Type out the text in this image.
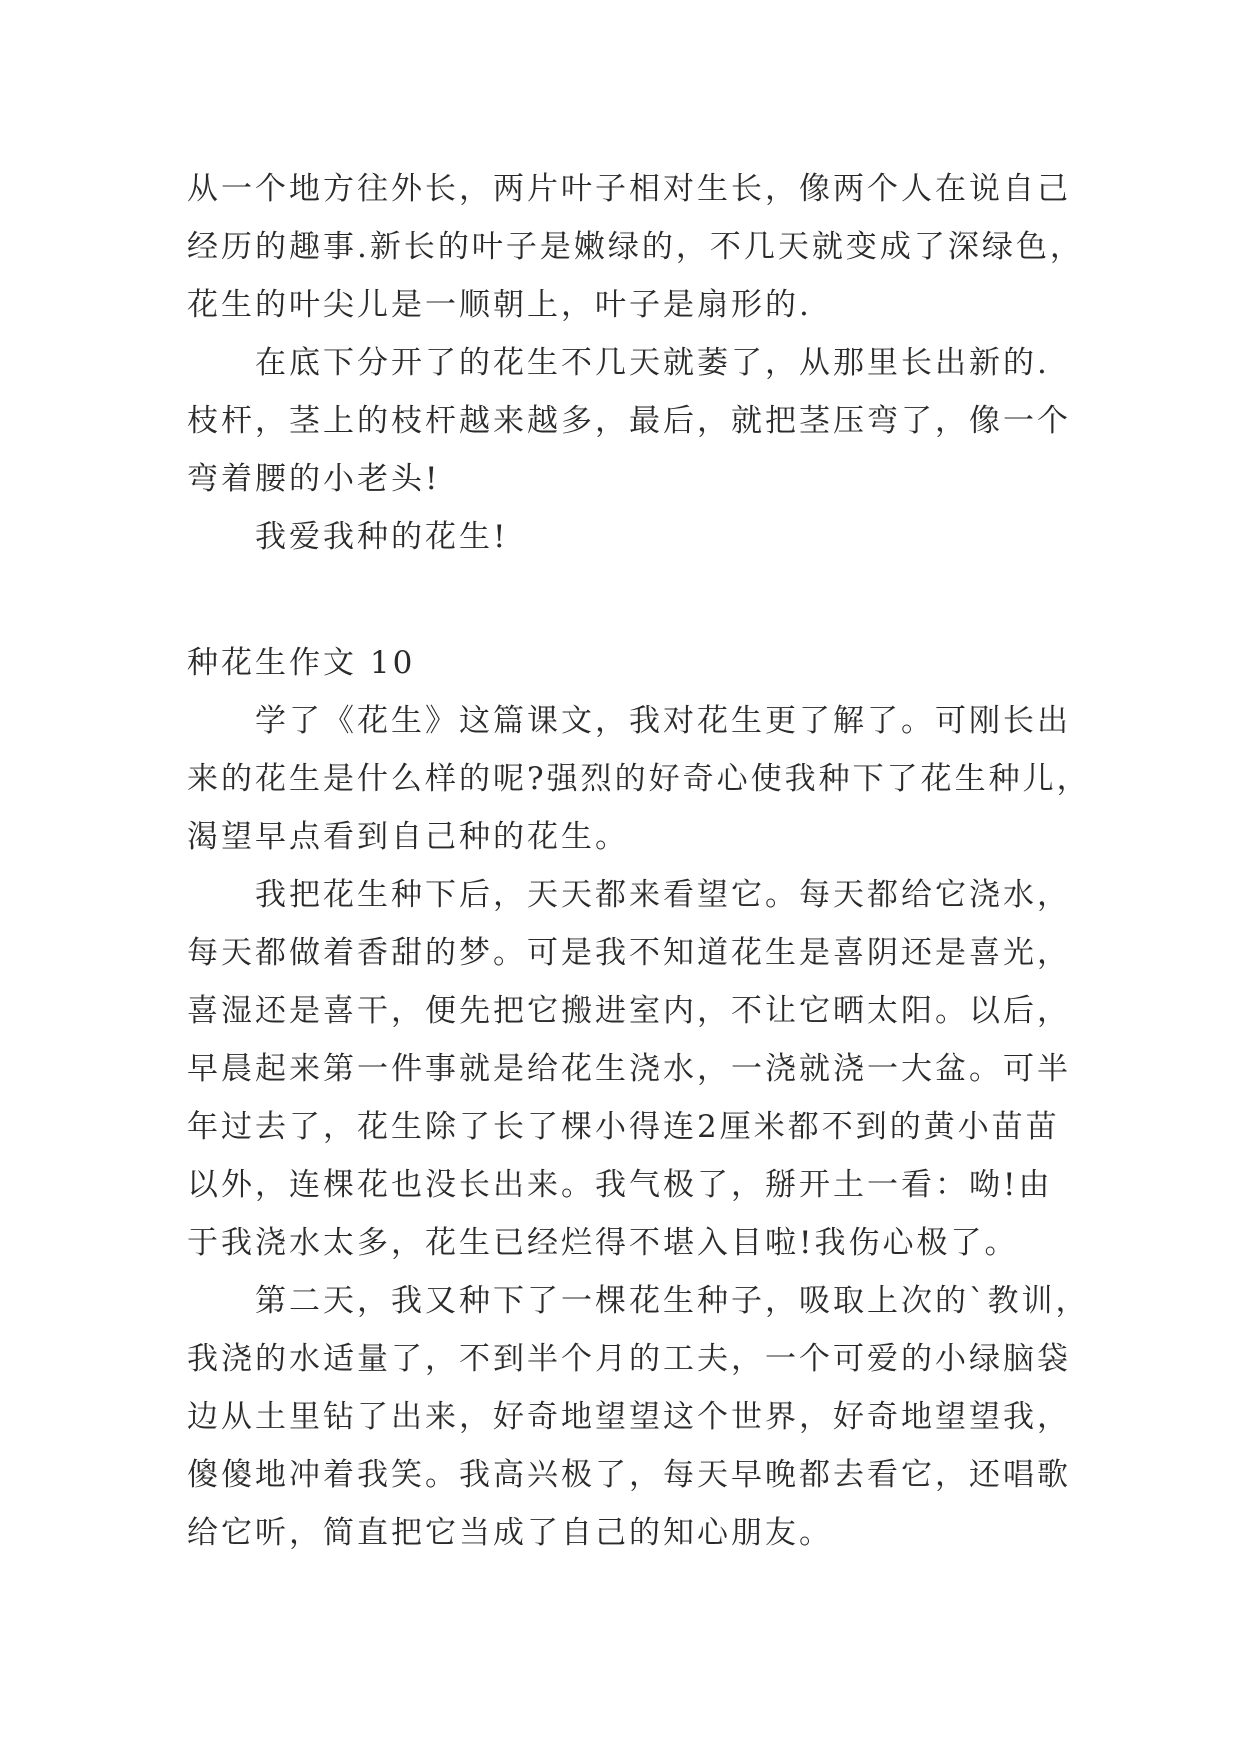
从一个地方往外长，两片叶子相对生长，像两个人在说自己
经历的趣事.新长的叶子是嫩绿的，不几天就变成了深绿色，
花生的叶尖儿是一顺朝上，叶子是扇形的.
在底下分开了的花生不几天就萎了，从那里长出新的.
枝杆，茎上的枝杆越来越多，最后，就把茎压弯了，像一个
弯着腰的小老头!
我爱我种的花生!
种花生作文 10
学了《花生》这篇课文，我对花生更了解了。可刚长出
来的花生是什么样的呢?强烈的好奇心使我种下了花生种儿，
渴望早点看到自己种的花生。
我把花生种下后，天天都来看望它。每天都给它浇水，
每天都做着香甜的梦。可是我不知道花生是喜阴还是喜光，
喜湿还是喜干，便先把它搬进室内，不让它晒太阳。以后，
早晨起来第一件事就是给花生浇水，一浇就浇一大盆。可半
年过去了，花生除了长了棵小得连2厘米都不到的黄小苗苗
以外，连棵花也没长出来。我气极了，掰开土一看：呦!由
于我浇水太多，花生已经烂得不堪入目啦!我伤心极了。
第二天，我又种下了一棵花生种子，吸取上次的`教训，
我浇的水适量了，不到半个月的工夫，一个可爱的小绿脑袋
边从土里钻了出来，好奇地望望这个世界，好奇地望望我，
傻傻地冲着我笑。我高兴极了，每天早晚都去看它，还唱歌
给它听，简直把它当成了自己的知心朋友。
